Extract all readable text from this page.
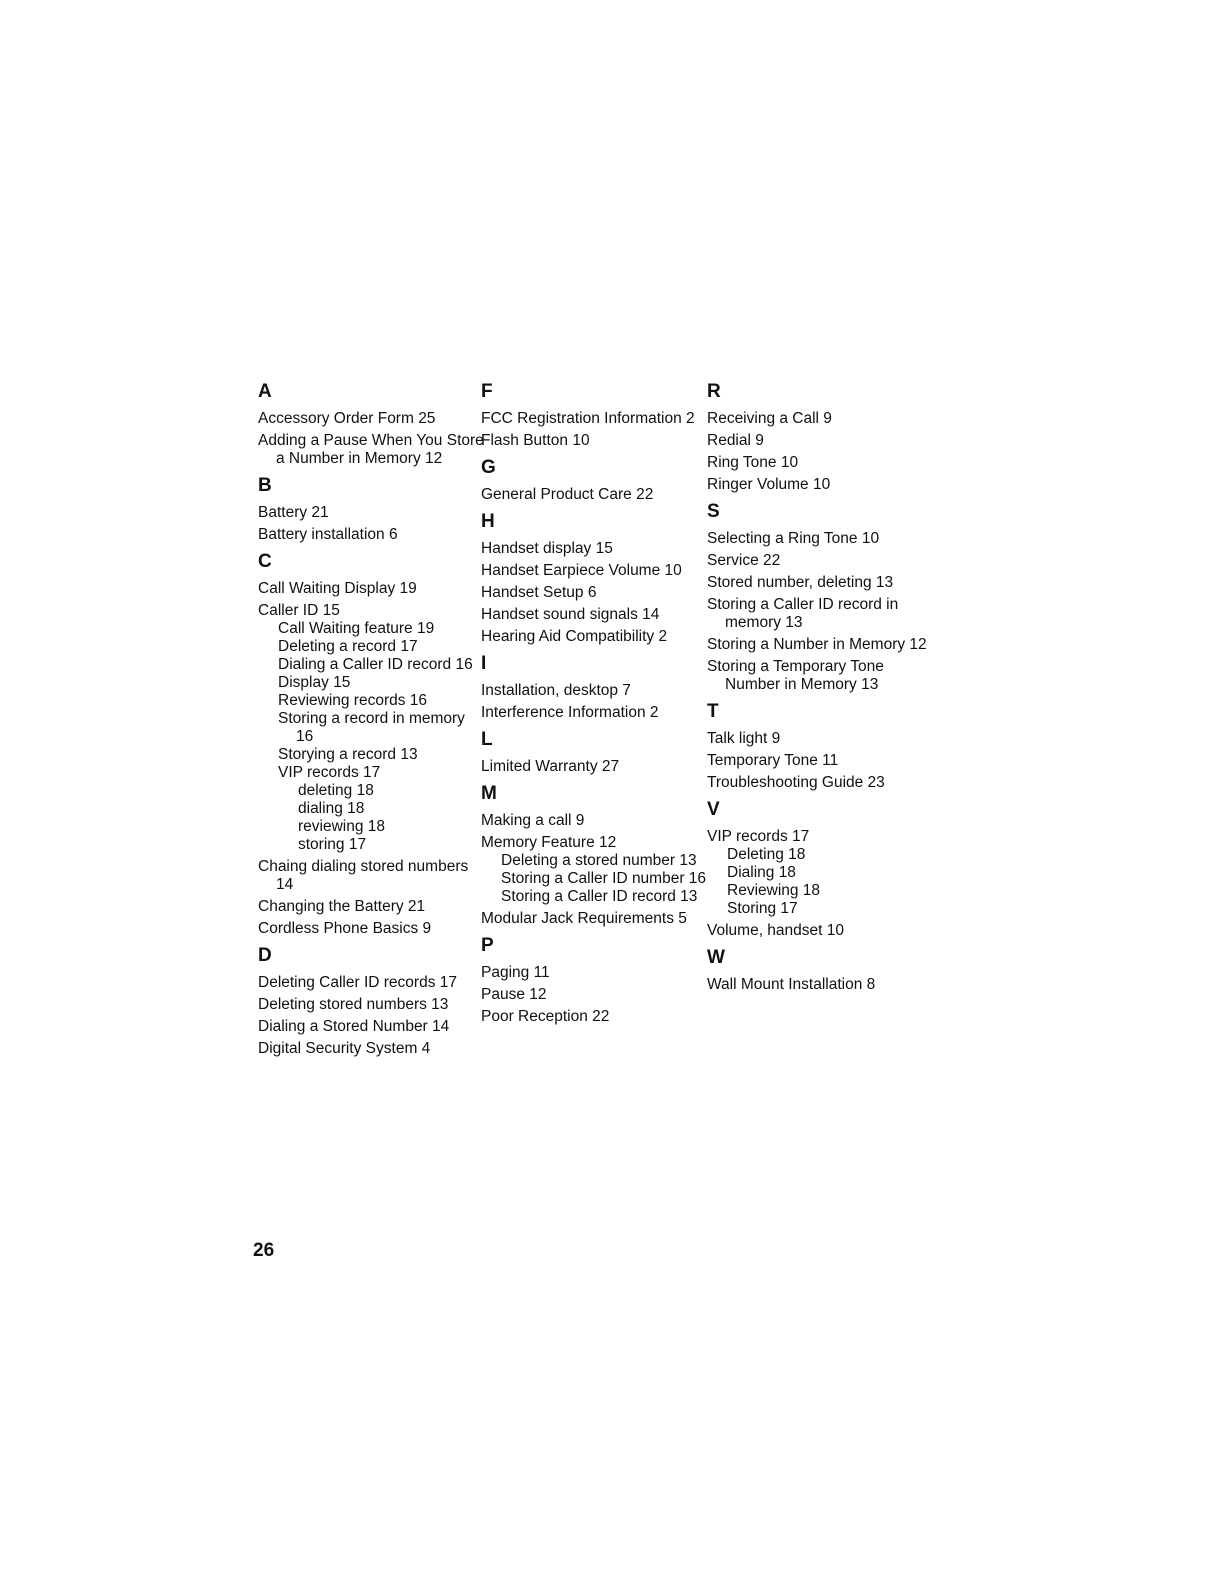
A
Accessory Order Form 25
Adding a Pause When You Store a Number in Memory 12
B
Battery 21
Battery installation 6
C
Call Waiting Display 19
Caller ID 15
Call Waiting feature 19
Deleting a record 17
Dialing a Caller ID record 16
Display 15
Reviewing records 16
Storing a record in memory 16
Storying a record 13
VIP records 17
deleting 18
dialing 18
reviewing 18
storing 17
Chaing dialing stored numbers 14
Changing the Battery 21
Cordless Phone Basics 9
D
Deleting Caller ID records 17
Deleting stored numbers 13
Dialing a Stored Number 14
Digital Security System 4
F
FCC Registration Information 2
Flash Button 10
G
General Product Care 22
H
Handset display 15
Handset Earpiece Volume 10
Handset Setup 6
Handset sound signals 14
Hearing Aid Compatibility 2
I
Installation, desktop 7
Interference Information 2
L
Limited Warranty 27
M
Making a call 9
Memory Feature 12
Deleting a stored number 13
Storing a Caller ID number 16
Storing a Caller ID record 13
Modular Jack Requirements 5
P
Paging 11
Pause 12
Poor Reception 22
R
Receiving a Call 9
Redial 9
Ring Tone 10
Ringer Volume 10
S
Selecting a Ring Tone 10
Service 22
Stored number, deleting 13
Storing a Caller ID record in memory 13
Storing a Number in Memory 12
Storing a Temporary Tone Number in Memory 13
T
Talk light 9
Temporary Tone 11
Troubleshooting Guide 23
V
VIP records 17
Deleting 18
Dialing 18
Reviewing 18
Storing 17
Volume, handset 10
W
Wall Mount Installation 8
26
